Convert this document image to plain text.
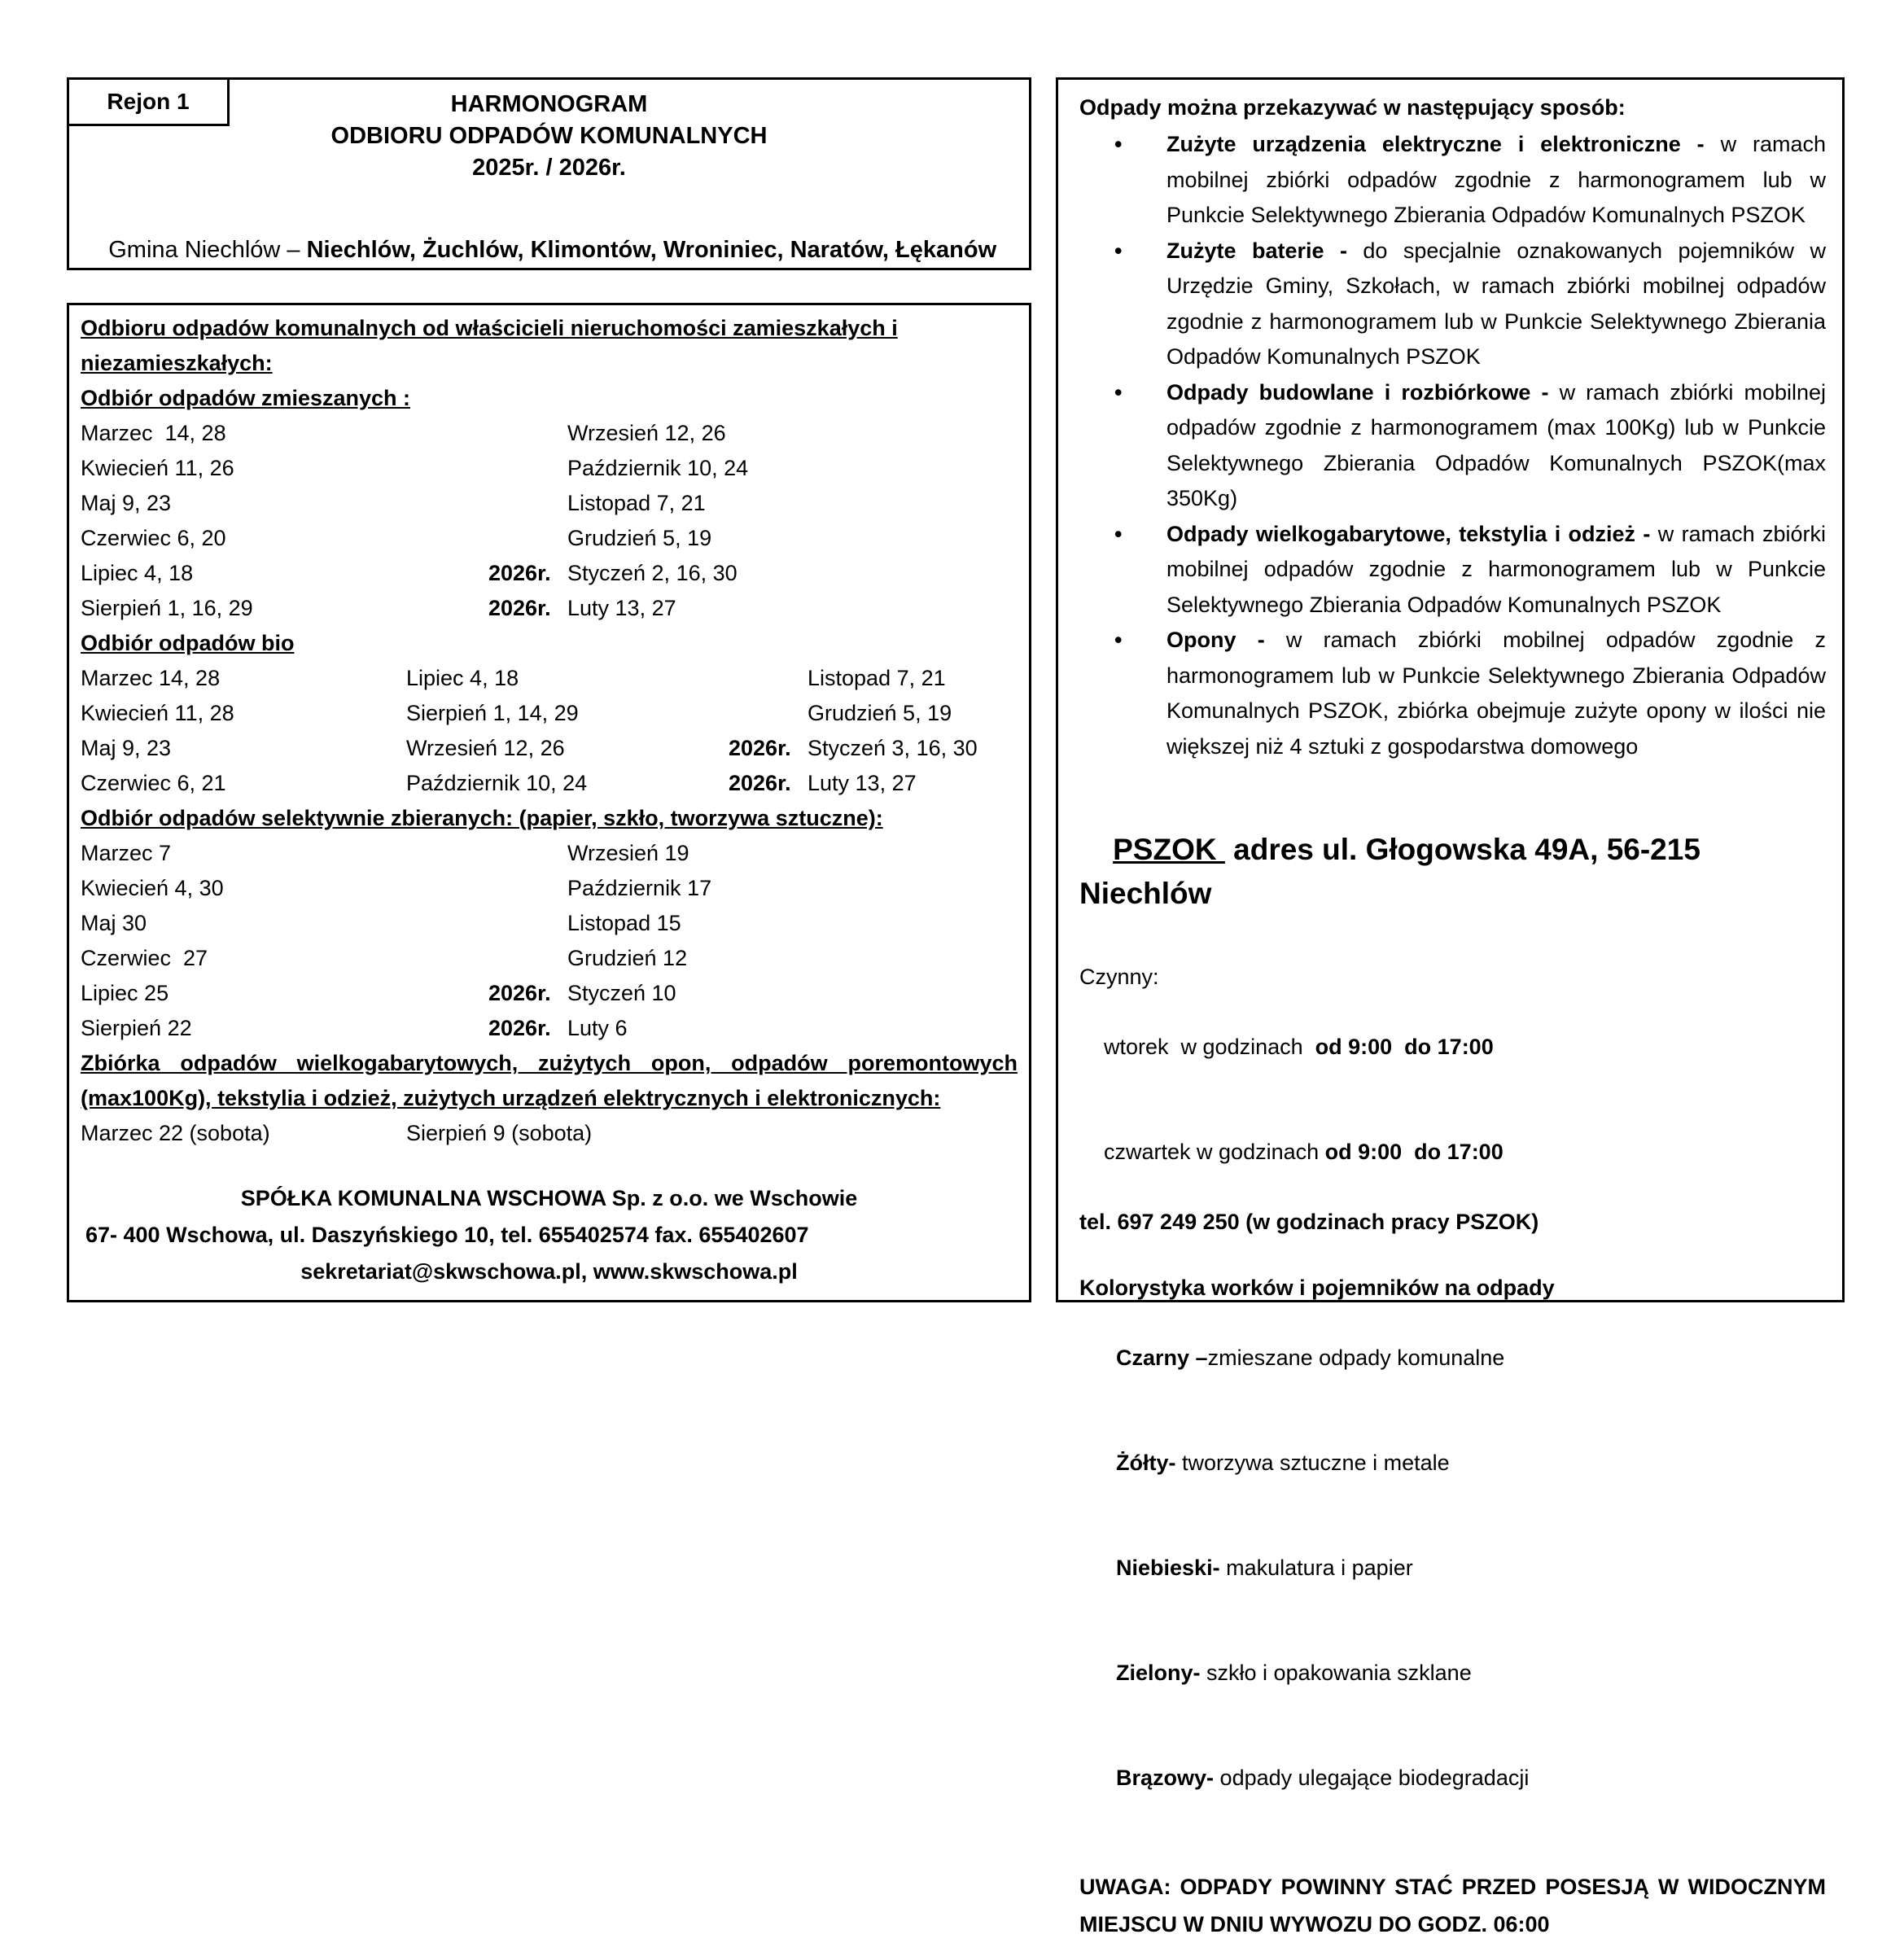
Rejon 1	HARMONOGRAM
ODBIORU ODPADÓW KOMUNALNYCH
2025r. / 2026r.

Gmina Niechlów – Niechlów, Żuchlów, Klimontów, Wroniniec, Naratów, Łękanów

Odbioru odpadów komunalnych od właścicieli nieruchomości zamieszkałych i
niezamieszkałych:
Odbiór odpadów zmieszanych :
Marzec  14, 28	Wrzesień 12, 26
Kwiecień 11, 26	Październik 10, 24
Maj 9, 23	Listopad 7, 21
Czerwiec 6, 20	Grudzień 5, 19
Lipiec 4, 18	2026r. Styczeń 2, 16, 30
Sierpień 1, 16, 29	2026r. Luty 13, 27
Odbiór odpadów bio
Marzec 14, 28	Lipiec 4, 18	Listopad 7, 21
Kwiecień 11, 28	Sierpień 1, 14, 29	Grudzień 5, 19
Maj 9, 23	Wrzesień 12, 26	2026r. Styczeń 3, 16, 30
Czerwiec 6, 21	Październik 10, 24	2026r. Luty 13, 27
Odbiór odpadów selektywnie zbieranych: (papier, szkło, tworzywa sztuczne):
Marzec 7	Wrzesień 19
Kwiecień 4, 30	Październik 17
Maj 30	Listopad 15
Czerwiec  27	Grudzień 12
Lipiec 25	2026r. Styczeń 10
Sierpień 22	2026r. Luty 6
Zbiórka odpadów wielkogabarytowych, zużytych opon, odpadów poremontowych
(max100Kg), tekstylia i odzież, zużytych urządzeń elektrycznych i elektronicznych:
Marzec 22 (sobota)	Sierpień 9 (sobota)
SPÓŁKA KOMUNALNA WSCHOWA Sp. z o.o. we Wschowie
67- 400 Wschowa, ul. Daszyńskiego 10, tel. 655402574 fax. 655402607
sekretariat@skwschowa.pl, www.skwschowa.pl
Odpady można przekazywać w następujący sposób:
• Zużyte urządzenia elektryczne i elektroniczne - w ramach mobilnej zbiórki odpadów zgodnie z harmonogramem lub w Punkcie Selektywnego Zbierania Odpadów Komunalnych PSZOK
• Zużyte baterie - do specjalnie oznakowanych pojemników w Urzędzie Gminy, Szkołach, w ramach zbiórki mobilnej odpadów zgodnie z harmonogramem lub w Punkcie Selektywnego Zbierania Odpadów Komunalnych PSZOK
• Odpady budowlane i rozbiórkowe - w ramach zbiórki mobilnej odpadów zgodnie z harmonogramem (max 100Kg) lub w Punkcie Selektywnego Zbierania Odpadów Komunalnych PSZOK(max 350Kg)
• Odpady wielkogabarytowe, tekstylia i odzież - w ramach zbiórki mobilnej odpadów zgodnie z harmonogramem lub w Punkcie Selektywnego Zbierania Odpadów Komunalnych PSZOK
• Opony - w ramach zbiórki mobilnej odpadów zgodnie z harmonogramem lub w Punkcie Selektywnego Zbierania Odpadów Komunalnych PSZOK, zbiórka obejmuje zużyte opony w ilości nie większej niż 4 sztuki z gospodarstwa domowego

PSZOK  adres ul. Głogowska 49A, 56-215 Niechlów

Czynny:

wtorek  w godzinach  od 9:00  do 17:00

czwartek w godzinach od 9:00  do 17:00

tel. 697 249 250 (w godzinach pracy PSZOK)
Kolorystyka worków i pojemników na odpady

Czarny –zmieszane odpady komunalne

Żółty- tworzywa sztuczne i metale

Niebieski- makulatura i papier

Zielony- szkło i opakowania szklane

Brązowy- odpady ulegające biodegradacji

UWAGA: ODPADY POWINNY STAĆ PRZED POSESJĄ W WIDOCZNYM
MIEJSCU W DNIU WYWOZU DO GODZ. 06:00
